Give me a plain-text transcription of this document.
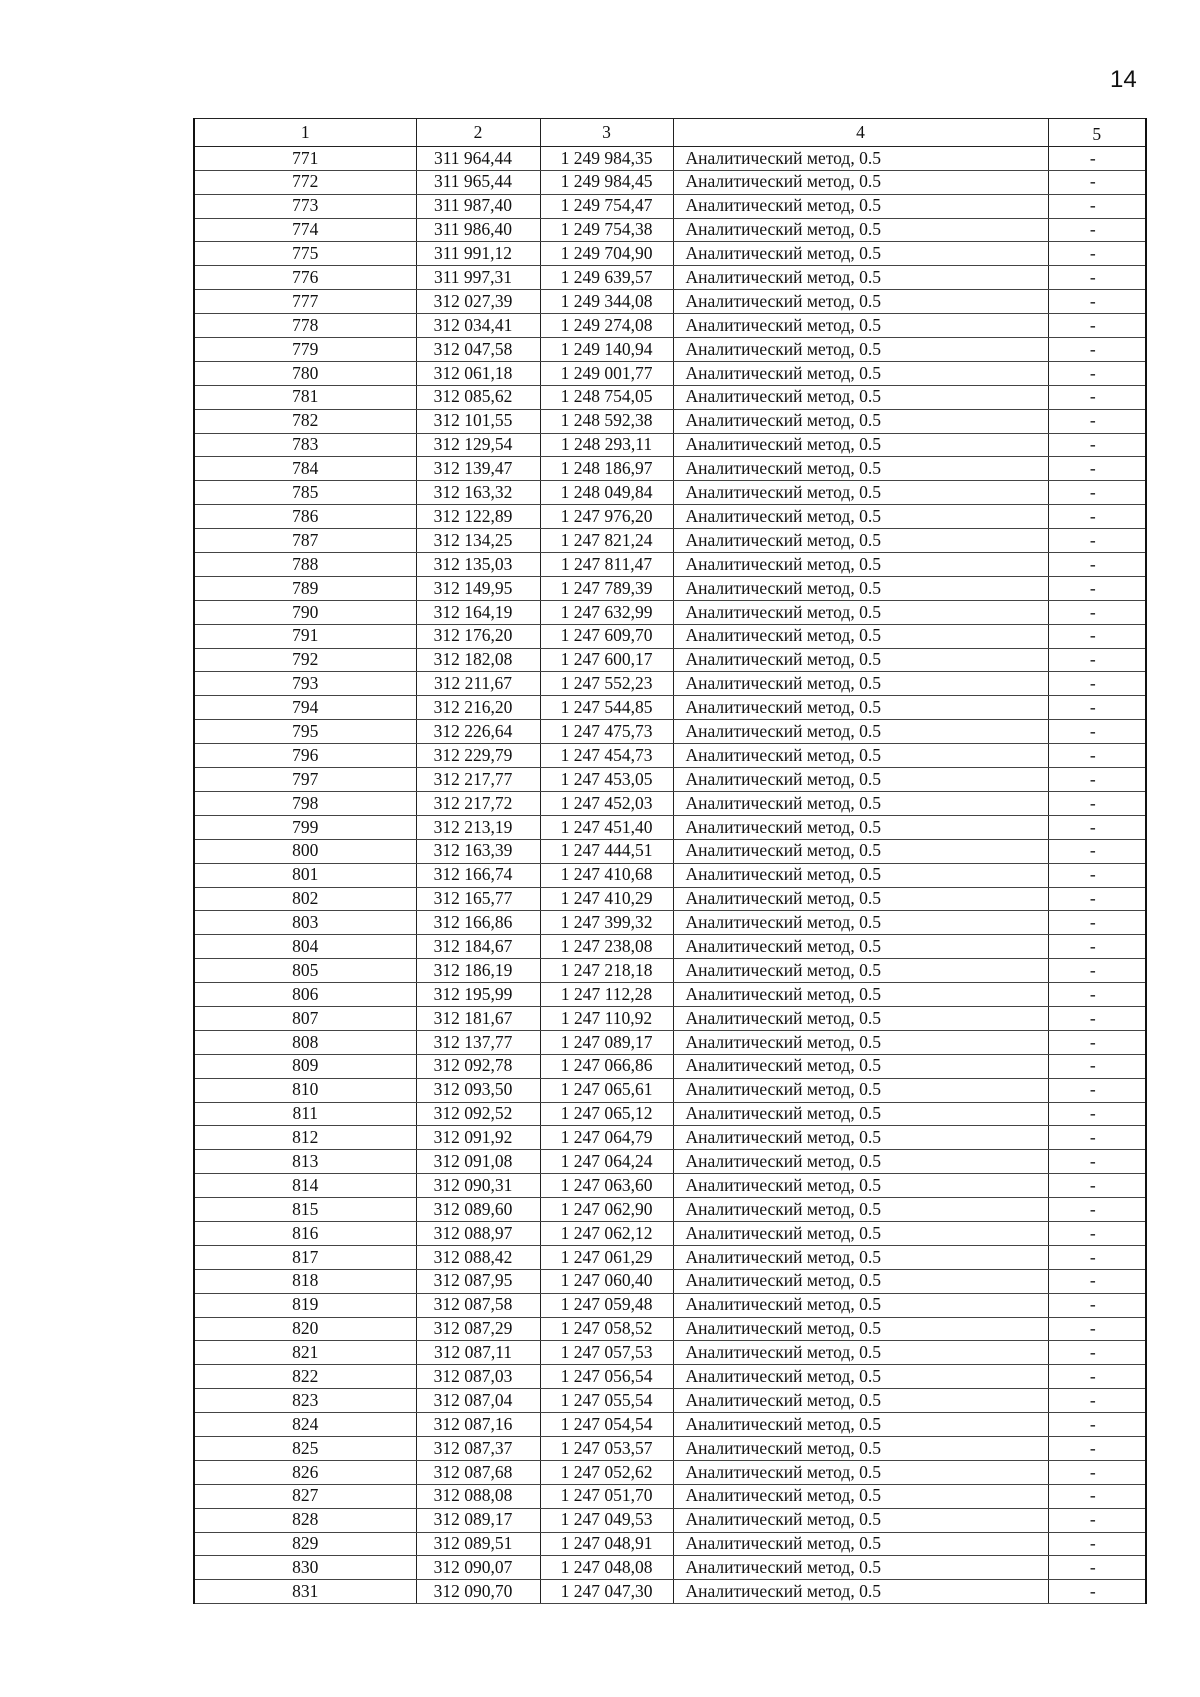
14
1	2	3	4	5
771	311 964,44	1 249 984,35	Аналитический метод, 0.5	-
772	311 965,44	1 249 984,45	Аналитический метод, 0.5	-
773	311 987,40	1 249 754,47	Аналитический метод, 0.5	-
774	311 986,40	1 249 754,38	Аналитический метод, 0.5	-
775	311 991,12	1 249 704,90	Аналитический метод, 0.5	-
776	311 997,31	1 249 639,57	Аналитический метод, 0.5	-
777	312 027,39	1 249 344,08	Аналитический метод, 0.5	-
778	312 034,41	1 249 274,08	Аналитический метод, 0.5	-
779	312 047,58	1 249 140,94	Аналитический метод, 0.5	-
780	312 061,18	1 249 001,77	Аналитический метод, 0.5	-
781	312 085,62	1 248 754,05	Аналитический метод, 0.5	-
782	312 101,55	1 248 592,38	Аналитический метод, 0.5	-
783	312 129,54	1 248 293,11	Аналитический метод, 0.5	-
784	312 139,47	1 248 186,97	Аналитический метод, 0.5	-
785	312 163,32	1 248 049,84	Аналитический метод, 0.5	-
786	312 122,89	1 247 976,20	Аналитический метод, 0.5	-
787	312 134,25	1 247 821,24	Аналитический метод, 0.5	-
788	312 135,03	1 247 811,47	Аналитический метод, 0.5	-
789	312 149,95	1 247 789,39	Аналитический метод, 0.5	-
790	312 164,19	1 247 632,99	Аналитический метод, 0.5	-
791	312 176,20	1 247 609,70	Аналитический метод, 0.5	-
792	312 182,08	1 247 600,17	Аналитический метод, 0.5	-
793	312 211,67	1 247 552,23	Аналитический метод, 0.5	-
794	312 216,20	1 247 544,85	Аналитический метод, 0.5	-
795	312 226,64	1 247 475,73	Аналитический метод, 0.5	-
796	312 229,79	1 247 454,73	Аналитический метод, 0.5	-
797	312 217,77	1 247 453,05	Аналитический метод, 0.5	-
798	312 217,72	1 247 452,03	Аналитический метод, 0.5	-
799	312 213,19	1 247 451,40	Аналитический метод, 0.5	-
800	312 163,39	1 247 444,51	Аналитический метод, 0.5	-
801	312 166,74	1 247 410,68	Аналитический метод, 0.5	-
802	312 165,77	1 247 410,29	Аналитический метод, 0.5	-
803	312 166,86	1 247 399,32	Аналитический метод, 0.5	-
804	312 184,67	1 247 238,08	Аналитический метод, 0.5	-
805	312 186,19	1 247 218,18	Аналитический метод, 0.5	-
806	312 195,99	1 247 112,28	Аналитический метод, 0.5	-
807	312 181,67	1 247 110,92	Аналитический метод, 0.5	-
808	312 137,77	1 247 089,17	Аналитический метод, 0.5	-
809	312 092,78	1 247 066,86	Аналитический метод, 0.5	-
810	312 093,50	1 247 065,61	Аналитический метод, 0.5	-
811	312 092,52	1 247 065,12	Аналитический метод, 0.5	-
812	312 091,92	1 247 064,79	Аналитический метод, 0.5	-
813	312 091,08	1 247 064,24	Аналитический метод, 0.5	-
814	312 090,31	1 247 063,60	Аналитический метод, 0.5	-
815	312 089,60	1 247 062,90	Аналитический метод, 0.5	-
816	312 088,97	1 247 062,12	Аналитический метод, 0.5	-
817	312 088,42	1 247 061,29	Аналитический метод, 0.5	-
818	312 087,95	1 247 060,40	Аналитический метод, 0.5	-
819	312 087,58	1 247 059,48	Аналитический метод, 0.5	-
820	312 087,29	1 247 058,52	Аналитический метод, 0.5	-
821	312 087,11	1 247 057,53	Аналитический метод, 0.5	-
822	312 087,03	1 247 056,54	Аналитический метод, 0.5	-
823	312 087,04	1 247 055,54	Аналитический метод, 0.5	-
824	312 087,16	1 247 054,54	Аналитический метод, 0.5	-
825	312 087,37	1 247 053,57	Аналитический метод, 0.5	-
826	312 087,68	1 247 052,62	Аналитический метод, 0.5	-
827	312 088,08	1 247 051,70	Аналитический метод, 0.5	-
828	312 089,17	1 247 049,53	Аналитический метод, 0.5	-
829	312 089,51	1 247 048,91	Аналитический метод, 0.5	-
830	312 090,07	1 247 048,08	Аналитический метод, 0.5	-
831	312 090,70	1 247 047,30	Аналитический метод, 0.5	-
